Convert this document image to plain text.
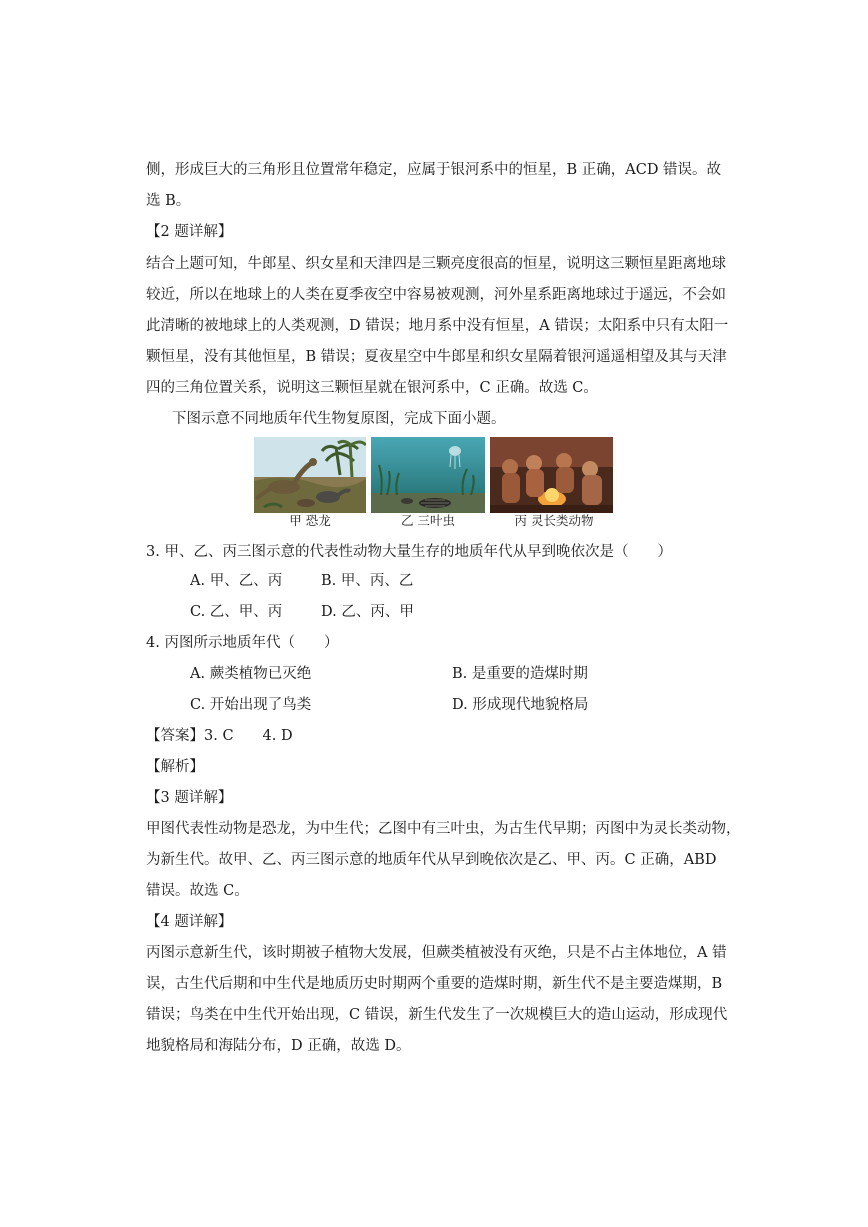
侧，形成巨大的三角形且位置常年稳定，应属于银河系中的恒星，B 正确，ACD 错误。故
选 B。
【2 题详解】
结合上题可知，牛郎星、织女星和天津四是三颗亮度很高的恒星，说明这三颗恒星距离地球
较近，所以在地球上的人类在夏季夜空中容易被观测，河外星系距离地球过于遥远，不会如
此清晰的被地球上的人类观测，D 错误；地月系中没有恒星，A 错误；太阳系中只有太阳一
颗恒星，没有其他恒星，B 错误；夏夜星空中牛郎星和织女星隔着银河遥遥相望及其与天津
四的三角位置关系，说明这三颗恒星就在银河系中，C 正确。故选 C。
下图示意不同地质年代生物复原图，完成下面小题。
甲 恐龙	乙 三叶虫	丙 灵长类动物
3. 甲、乙、丙三图示意的代表性动物大量生存的地质年代从早到晚依次是（　　）
A. 甲、乙、丙	B. 甲、丙、乙
C. 乙、甲、丙	D. 乙、丙、甲
4. 丙图所示地质年代（　　）
A. 蕨类植物已灭绝	B. 是重要的造煤时期
C. 开始出现了鸟类	D. 形成现代地貌格局
【答案】3. C　　4. D
【解析】
【3 题详解】
甲图代表性动物是恐龙，为中生代；乙图中有三叶虫，为古生代早期；丙图中为灵长类动物，
为新生代。故甲、乙、丙三图示意的地质年代从早到晚依次是乙、甲、丙。C 正确，ABD
错误。故选 C。
【4 题详解】
丙图示意新生代，该时期被子植物大发展，但蕨类植被没有灭绝，只是不占主体地位，A 错
误，古生代后期和中生代是地质历史时期两个重要的造煤时期，新生代不是主要造煤期，B
错误；鸟类在中生代开始出现，C 错误，新生代发生了一次规模巨大的造山运动，形成现代
地貌格局和海陆分布，D 正确，故选 D。
